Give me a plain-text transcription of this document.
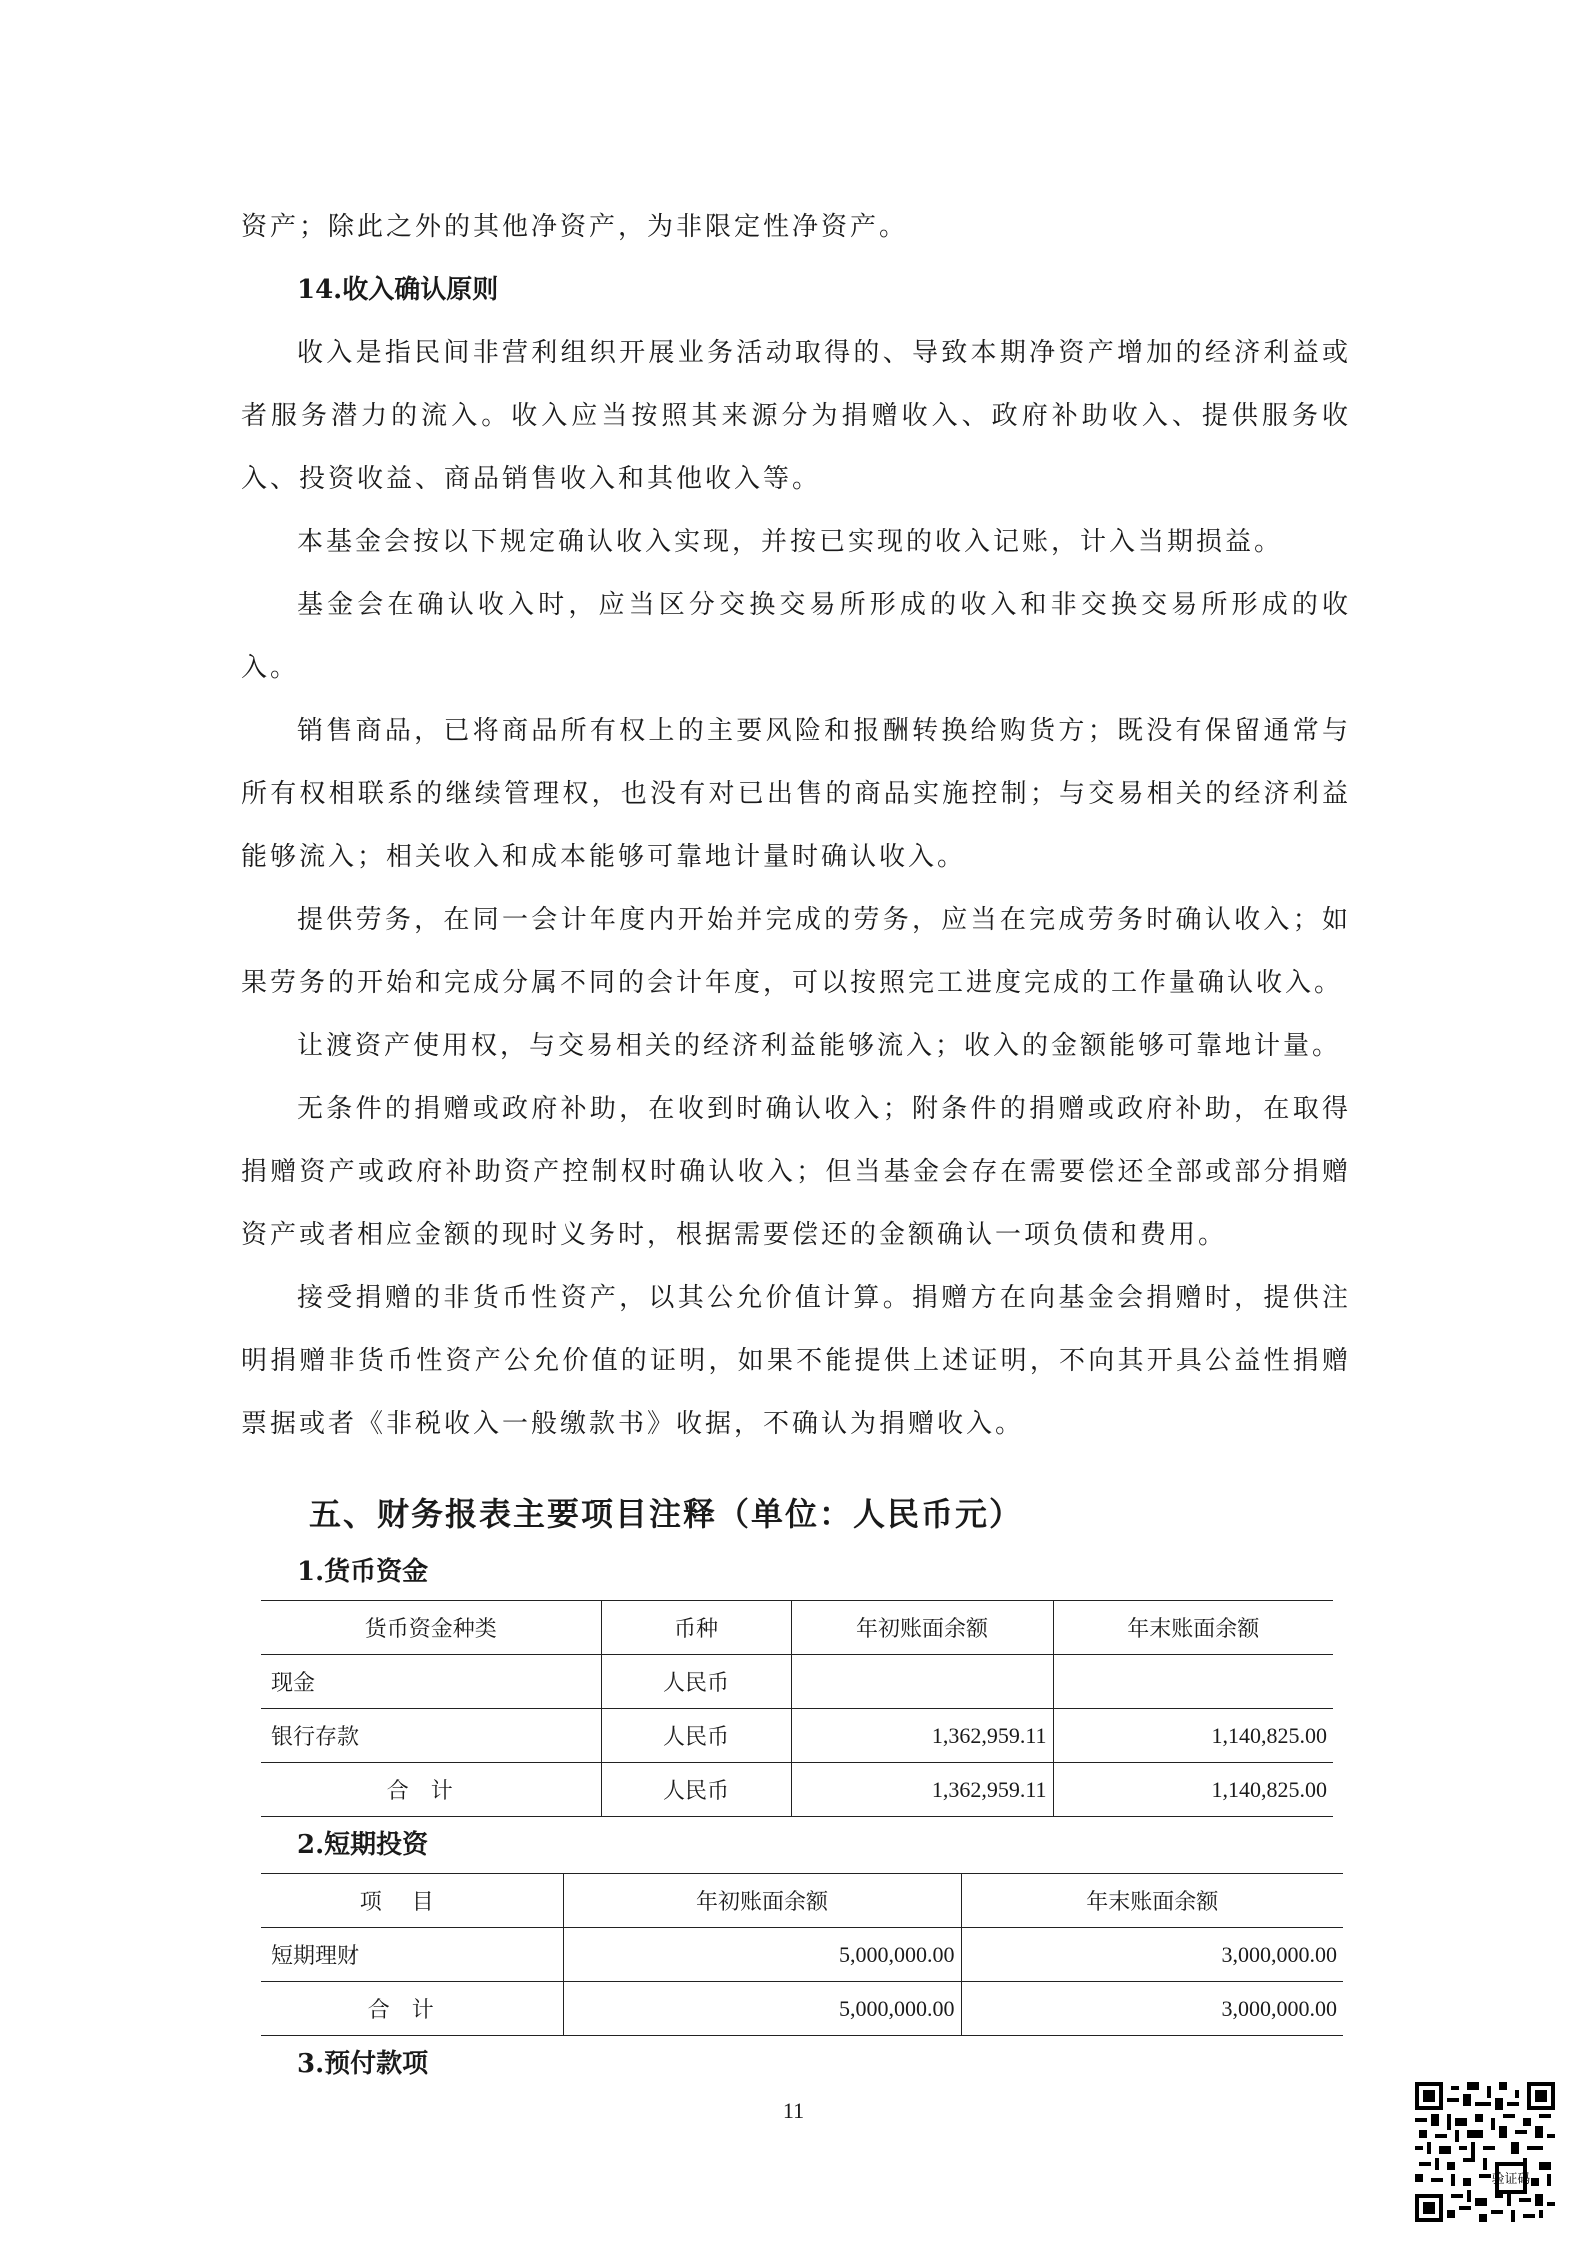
资产；除此之外的其他净资产，为非限定性净资产。

14.收入确认原则

收入是指民间非营利组织开展业务活动取得的、导致本期净资产增加的经济利益或者服务潜力的流入。收入应当按照其来源分为捐赠收入、政府补助收入、提供服务收入、投资收益、商品销售收入和其他收入等。

本基金会按以下规定确认收入实现，并按已实现的收入记账，计入当期损益。

基金会在确认收入时，应当区分交换交易所形成的收入和非交换交易所形成的收入。

销售商品，已将商品所有权上的主要风险和报酬转换给购货方；既没有保留通常与所有权相联系的继续管理权，也没有对已出售的商品实施控制；与交易相关的经济利益能够流入；相关收入和成本能够可靠地计量时确认收入。

提供劳务，在同一会计年度内开始并完成的劳务，应当在完成劳务时确认收入；如果劳务的开始和完成分属不同的会计年度，可以按照完工进度完成的工作量确认收入。

让渡资产使用权，与交易相关的经济利益能够流入；收入的金额能够可靠地计量。

无条件的捐赠或政府补助，在收到时确认收入；附条件的捐赠或政府补助，在取得捐赠资产或政府补助资产控制权时确认收入；但当基金会存在需要偿还全部或部分捐赠资产或者相应金额的现时义务时，根据需要偿还的金额确认一项负债和费用。

接受捐赠的非货币性资产，以其公允价值计算。捐赠方在向基金会捐赠时，提供注明捐赠非货币性资产公允价值的证明，如果不能提供上述证明，不向其开具公益性捐赠票据或者《非税收入一般缴款书》收据，不确认为捐赠收入。

五、财务报表主要项目注释（单位：人民币元）

1.货币资金

货币资金种类	币种	年初账面余额	年末账面余额
现金	人民币		
银行存款	人民币	1,362,959.11	1,140,825.00
合计	人民币	1,362,959.11	1,140,825.00

2.短期投资

项目	年初账面余额	年末账面余额
短期理财	5,000,000.00	3,000,000.00
合计	5,000,000.00	3,000,000.00

3.预付款项

11
验证码
